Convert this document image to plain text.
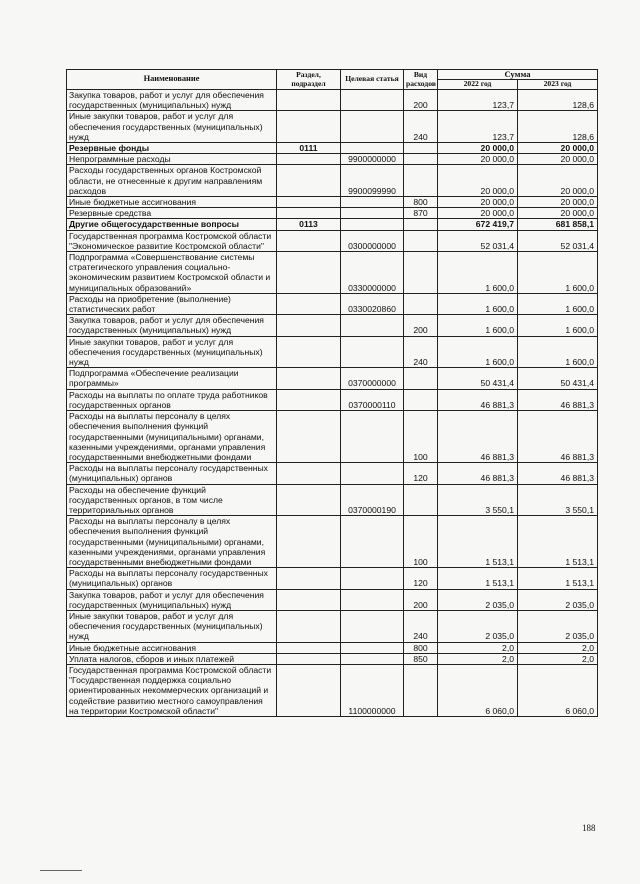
Наименование	Раздел, подраздел	Целевая статья	Вид расходов	Сумма	
				2022 год	2023 год
Закупка товаров, работ и услуг для обеспечения государственных (муниципальных) нужд			200	123,7	128,6
Иные закупки товаров, работ и услуг для обеспечения государственных (муниципальных) нужд			240	123,7	128,6
Резервные фонды	0111			20 000,0	20 000,0
Непрограммные расходы		9900000000		20 000,0	20 000,0
Расходы государственных органов Костромской области, не отнесенные к другим направлениям расходов		9900099990		20 000,0	20 000,0
Иные бюджетные ассигнования			800	20 000,0	20 000,0
Резервные средства			870	20 000,0	20 000,0
Другие общегосударственные вопросы	0113			672 419,7	681 858,1
Государственная программа Костромской области "Экономическое развитие Костромской области"		0300000000		52 031,4	52 031,4
Подпрограмма «Совершенствование системы стратегического управления социально-экономическим развитием Костромской области и муниципальных образований»		0330000000		1 600,0	1 600,0
Расходы на приобретение (выполнение) статистических работ		0330020860		1 600,0	1 600,0
Закупка товаров, работ и услуг для обеспечения государственных (муниципальных) нужд			200	1 600,0	1 600,0
Иные закупки товаров, работ и услуг для обеспечения государственных (муниципальных) нужд			240	1 600,0	1 600,0
Подпрограмма «Обеспечение реализации программы»		0370000000		50 431,4	50 431,4
Расходы на выплаты по оплате труда работников государственных органов		0370000110		46 881,3	46 881,3
Расходы на выплаты персоналу в целях обеспечения выполнения функций государственными (муниципальными) органами, казенными учреждениями, органами управления государственными внебюджетными фондами			100	46 881,3	46 881,3
Расходы на выплаты персоналу государственных (муниципальных) органов			120	46 881,3	46 881,3
Расходы на обеспечение функций государственных органов, в том числе территориальных органов		0370000190		3 550,1	3 550,1
Расходы на выплаты персоналу в целях обеспечения выполнения функций государственными (муниципальными) органами, казенными учреждениями, органами управления государственными внебюджетными фондами			100	1 513,1	1 513,1
Расходы на выплаты персоналу государственных (муниципальных) органов			120	1 513,1	1 513,1
Закупка товаров, работ и услуг для обеспечения государственных (муниципальных) нужд			200	2 035,0	2 035,0
Иные закупки товаров, работ и услуг для обеспечения государственных (муниципальных) нужд			240	2 035,0	2 035,0
Иные бюджетные ассигнования			800	2,0	2,0
Уплата налогов, сборов и иных платежей			850	2,0	2,0
Государственная программа Костромской области "Государственная поддержка социально ориентированных некоммерческих организаций и содействие развитию местного самоуправления на территории Костромской области"		1100000000		6 060,0	6 060,0
188
